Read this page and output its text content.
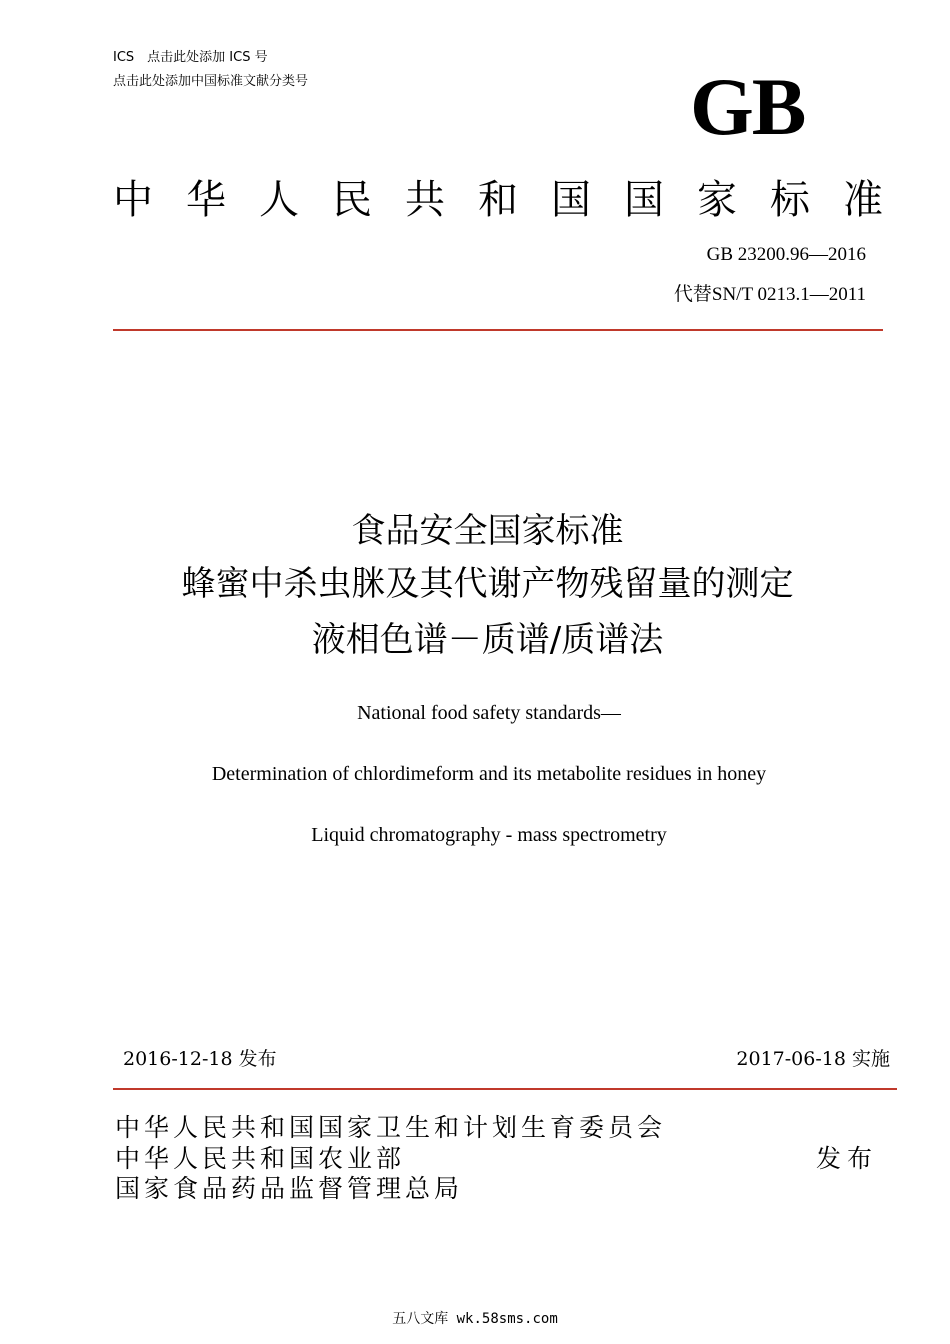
ICS　点击此处添加 ICS 号
点击此处添加中国标准文献分类号	GB
中 华 人 民 共 和 国 国 家 标 准
GB 23200.96—2016
代替SN/T 0213.1—2011
食品安全国家标准
蜂蜜中杀虫脒及其代谢产物残留量的测定
液相色谱－质谱/质谱法
National food safety standards—
Determination of chlordimeform and its metabolite residues in honey
Liquid chromatography - mass spectrometry
2016-12-18 发布	2017-06-18 实施
中华人民共和国国家卫生和计划生育委员会
中华人民共和国农业部
国家食品药品监督管理总局
发布
五八文库 wk.58sms.com
